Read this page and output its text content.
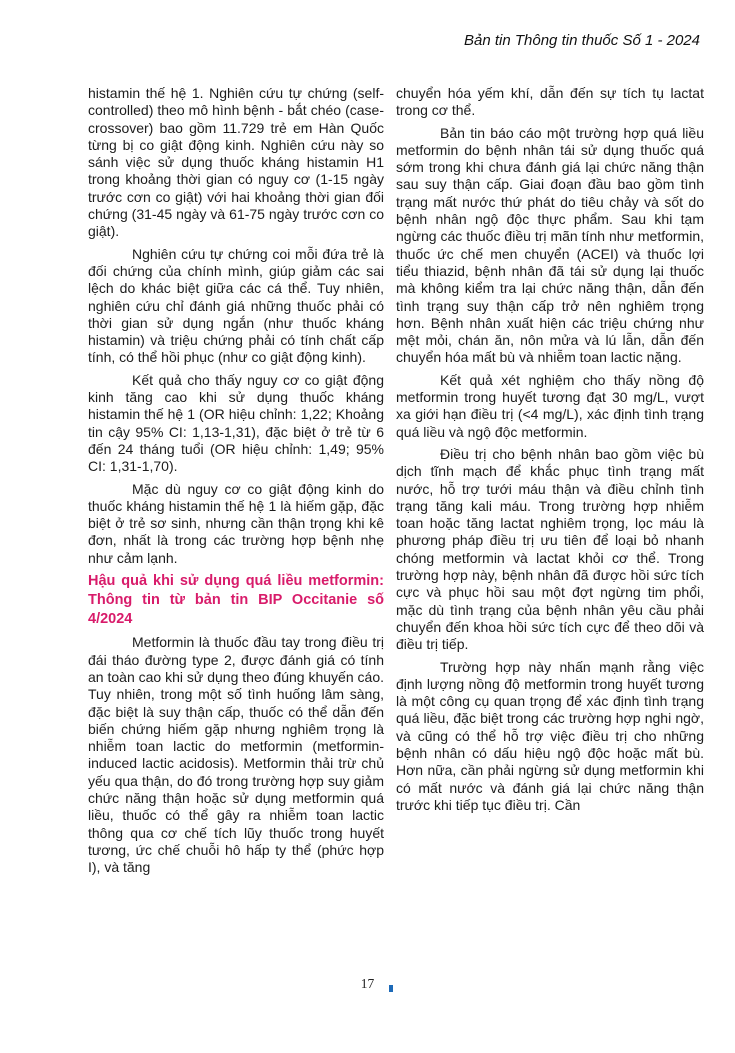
Bản tin Thông tin thuốc Số 1 - 2024

histamin thế hệ 1. Nghiên cứu tự chứng (self-controlled) theo mô hình bệnh - bắt chéo (case-crossover) bao gồm 11.729 trẻ em Hàn Quốc từng bị co giật động kinh. Nghiên cứu này so sánh việc sử dụng thuốc kháng histamin H1 trong khoảng thời gian có nguy cơ (1-15 ngày trước cơn co giật) với hai khoảng thời gian đối chứng (31-45 ngày và 61-75 ngày trước cơn co giật).

Nghiên cứu tự chứng coi mỗi đứa trẻ là đối chứng của chính mình, giúp giảm các sai lệch do khác biệt giữa các cá thể. Tuy nhiên, nghiên cứu chỉ đánh giá những thuốc phải có thời gian sử dụng ngắn (như thuốc kháng histamin) và triệu chứng phải có tính chất cấp tính, có thể hồi phục (như co giật động kinh).

Kết quả cho thấy nguy cơ co giật động kinh tăng cao khi sử dụng thuốc kháng histamin thế hệ 1 (OR hiệu chỉnh: 1,22; Khoảng tin cậy 95% CI: 1,13-1,31), đặc biệt ở trẻ từ 6 đến 24 tháng tuổi (OR hiệu chỉnh: 1,49; 95% CI: 1,31-1,70).

Mặc dù nguy cơ co giật động kinh do thuốc kháng histamin thế hệ 1 là hiếm gặp, đặc biệt ở trẻ sơ sinh, nhưng cần thận trọng khi kê đơn, nhất là trong các trường hợp bệnh nhẹ như cảm lạnh.

Hậu quả khi sử dụng quá liều metformin: Thông tin từ bản tin BIP Occitanie số 4/2024

Metformin là thuốc đầu tay trong điều trị đái tháo đường type 2, được đánh giá có tính an toàn cao khi sử dụng theo đúng khuyến cáo. Tuy nhiên, trong một số tình huống lâm sàng, đặc biệt là suy thận cấp, thuốc có thể dẫn đến biến chứng hiếm gặp nhưng nghiêm trọng là nhiễm toan lactic do metformin (metformin-induced lactic acidosis). Metformin thải trừ chủ yếu qua thận, do đó trong trường hợp suy giảm chức năng thận hoặc sử dụng metformin quá liều, thuốc có thể gây ra nhiễm toan lactic thông qua cơ chế tích lũy thuốc trong huyết tương, ức chế chuỗi hô hấp ty thể (phức hợp I), và tăng

chuyển hóa yếm khí, dẫn đến sự tích tụ lactat trong cơ thể.

Bản tin báo cáo một trường hợp quá liều metformin do bệnh nhân tái sử dụng thuốc quá sớm trong khi chưa đánh giá lại chức năng thận sau suy thận cấp. Giai đoạn đầu bao gồm tình trạng mất nước thứ phát do tiêu chảy và sốt do bệnh nhân ngộ độc thực phẩm. Sau khi tạm ngừng các thuốc điều trị mãn tính như metformin, thuốc ức chế men chuyển (ACEI) và thuốc lợi tiểu thiazid, bệnh nhân đã tái sử dụng lại thuốc mà không kiểm tra lại chức năng thận, dẫn đến tình trạng suy thận cấp trở nên nghiêm trọng hơn. Bệnh nhân xuất hiện các triệu chứng như mệt mỏi, chán ăn, nôn mửa và lú lẫn, dẫn đến chuyển hóa mất bù và nhiễm toan lactic nặng.

Kết quả xét nghiệm cho thấy nồng độ metformin trong huyết tương đạt 30 mg/L, vượt xa giới hạn điều trị (<4 mg/L), xác định tình trạng quá liều và ngộ độc metformin.

Điều trị cho bệnh nhân bao gồm việc bù dịch tĩnh mạch để khắc phục tình trạng mất nước, hỗ trợ tưới máu thận và điều chỉnh tình trạng tăng kali máu. Trong trường hợp nhiễm toan hoặc tăng lactat nghiêm trọng, lọc máu là phương pháp điều trị ưu tiên để loại bỏ nhanh chóng metformin và lactat khỏi cơ thể. Trong trường hợp này, bệnh nhân đã được hồi sức tích cực và phục hồi sau một đợt ngừng tim phổi, mặc dù tình trạng của bệnh nhân yêu cầu phải chuyển đến khoa hồi sức tích cực để theo dõi và điều trị tiếp.

Trường hợp này nhấn mạnh rằng việc định lượng nồng độ metformin trong huyết tương là một công cụ quan trọng để xác định tình trạng quá liều, đặc biệt trong các trường hợp nghi ngờ, và cũng có thể hỗ trợ việc điều trị cho những bệnh nhân có dấu hiệu ngộ độc hoặc mất bù. Hơn nữa, cần phải ngừng sử dụng metformin khi có mất nước và đánh giá lại chức năng thận trước khi tiếp tục điều trị. Cần

17
